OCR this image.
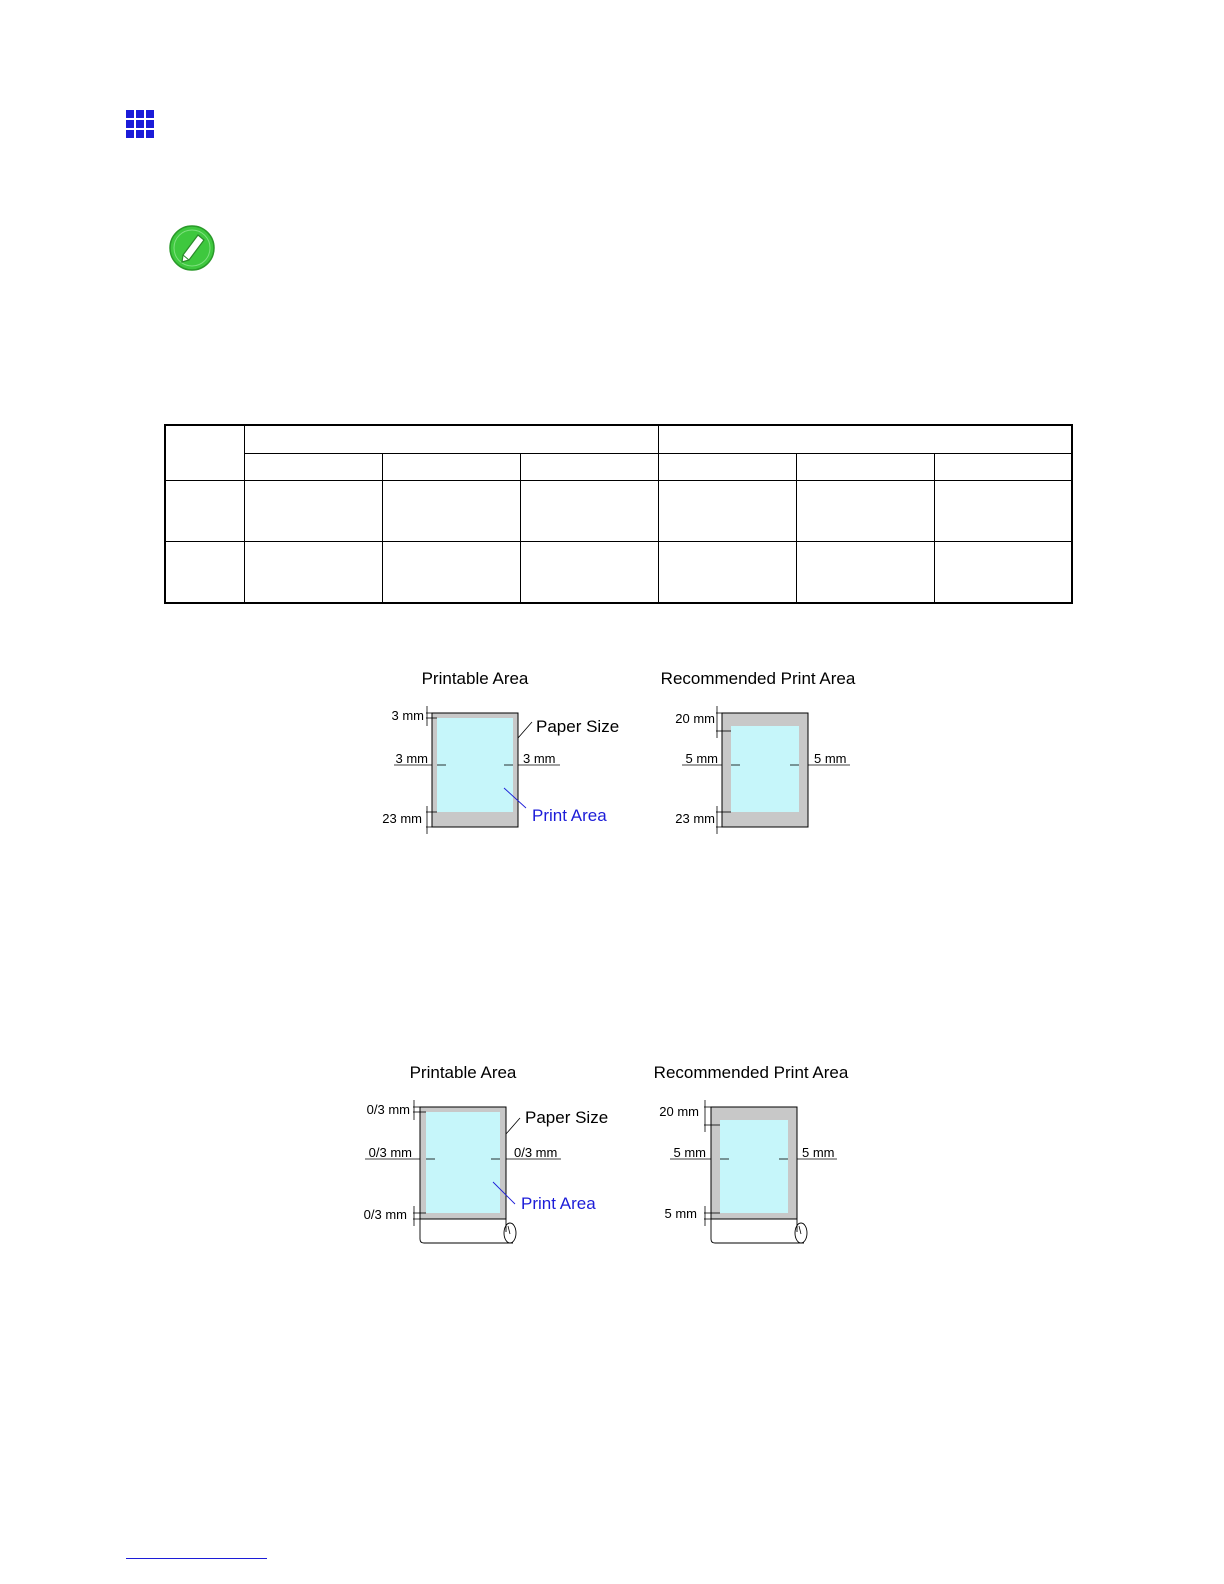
Printable Area
3 mm
3 mm	3 mm
23 mm
Paper Size
Print Area
Recommended Print Area
20 mm
5 mm	5 mm
23 mm
Printable Area
0/3 mm
0/3 mm	0/3 mm
0/3 mm
Paper Size
Print Area
Recommended Print Area
20 mm
5 mm	5 mm
5 mm
